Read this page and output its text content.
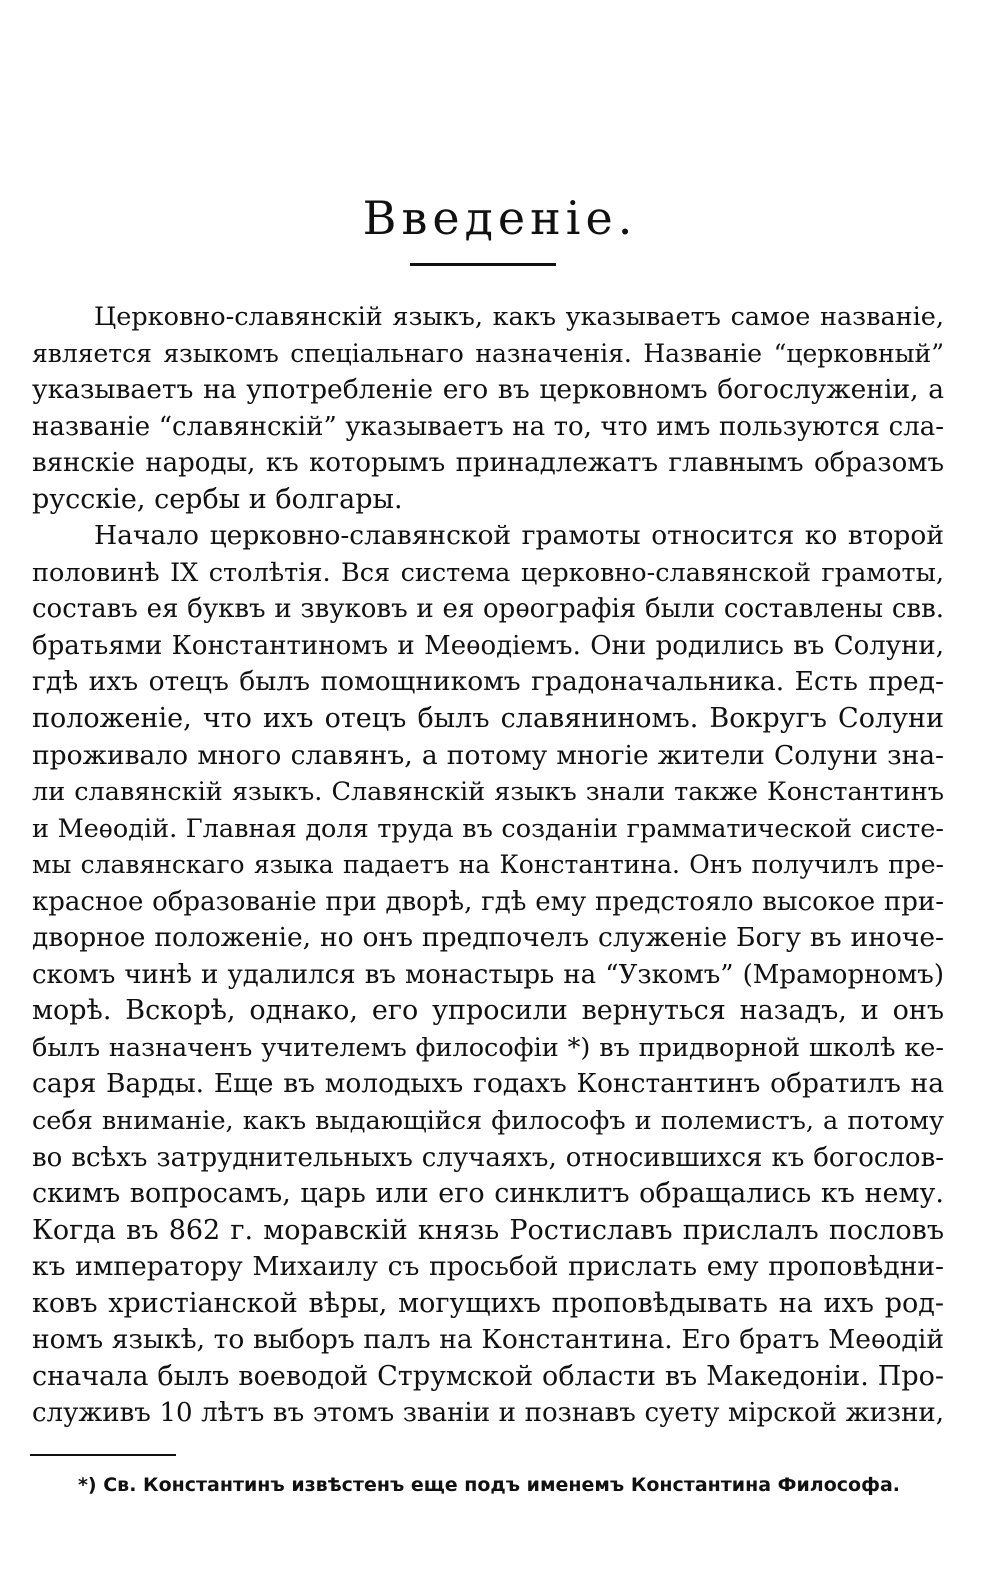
Введенiе.
Церковно-славянскiй языкъ, какъ указываетъ самое названiе,
является языкомъ спецiальнаго назначенiя. Названiе “церковный”
указываетъ на употребленiе его въ церковномъ богослуженiи, а
названiе “славянскiй” указываетъ на то, что имъ пользуются сла-
вянскiе народы, къ которымъ принадлежатъ главнымъ образомъ
русскiе, сербы и болгары.
Начало церковно-славянской грамоты относится ко второй
половинѣ IX столѣтiя. Вся система церковно-славянской грамоты,
составъ ея буквъ и звуковъ и ея орѳографiя были составлены свв.
братьями Константиномъ и Меѳодiемъ. Они родились въ Солуни,
гдѣ ихъ отецъ былъ помощникомъ градоначальника. Есть пред-
положенiе, что ихъ отецъ былъ славяниномъ. Вокругъ Солуни
проживало много славянъ, а потому многiе жители Солуни зна-
ли славянскiй языкъ. Славянскiй языкъ знали также Константинъ
и Меѳодiй. Главная доля труда въ созданiи грамматической систе-
мы славянскаго языка падаетъ на Константина. Онъ получилъ пре-
красное образованiе при дворѣ, гдѣ ему предстояло высокое при-
дворное положенiе, но онъ предпочелъ служенiе Богу въ иноче-
скомъ чинѣ и удалился въ монастырь на “Узкомъ” (Мраморномъ)
морѣ. Вскорѣ, однако, его упросили вернуться назадъ, и онъ
былъ назначенъ учителемъ философiи *) въ придворной школѣ ке-
саря Варды. Еще въ молодыхъ годахъ Константинъ обратилъ на
себя вниманiе, какъ выдающiйся философъ и полемистъ, а потому
во всѣхъ затруднительныхъ случаяхъ, относившихся къ богослов-
скимъ вопросамъ, царь или его синклитъ обращались къ нему.
Когда въ 862 г. моравскiй князь Ростиславъ прислалъ пословъ
къ императору Михаилу съ просьбой прислать ему проповѣдни-
ковъ христiанской вѣры, могущихъ проповѣдывать на ихъ род-
номъ языкѣ, то выборъ палъ на Константина. Его братъ Меѳодiй
сначала былъ воеводой Струмской области въ Македонiи. Про-
служивъ 10 лѣтъ въ этомъ званiи и познавъ суету мiрской жизни,
*) Св. Константинъ извѣстенъ еще подъ именемъ Константина Философа.
